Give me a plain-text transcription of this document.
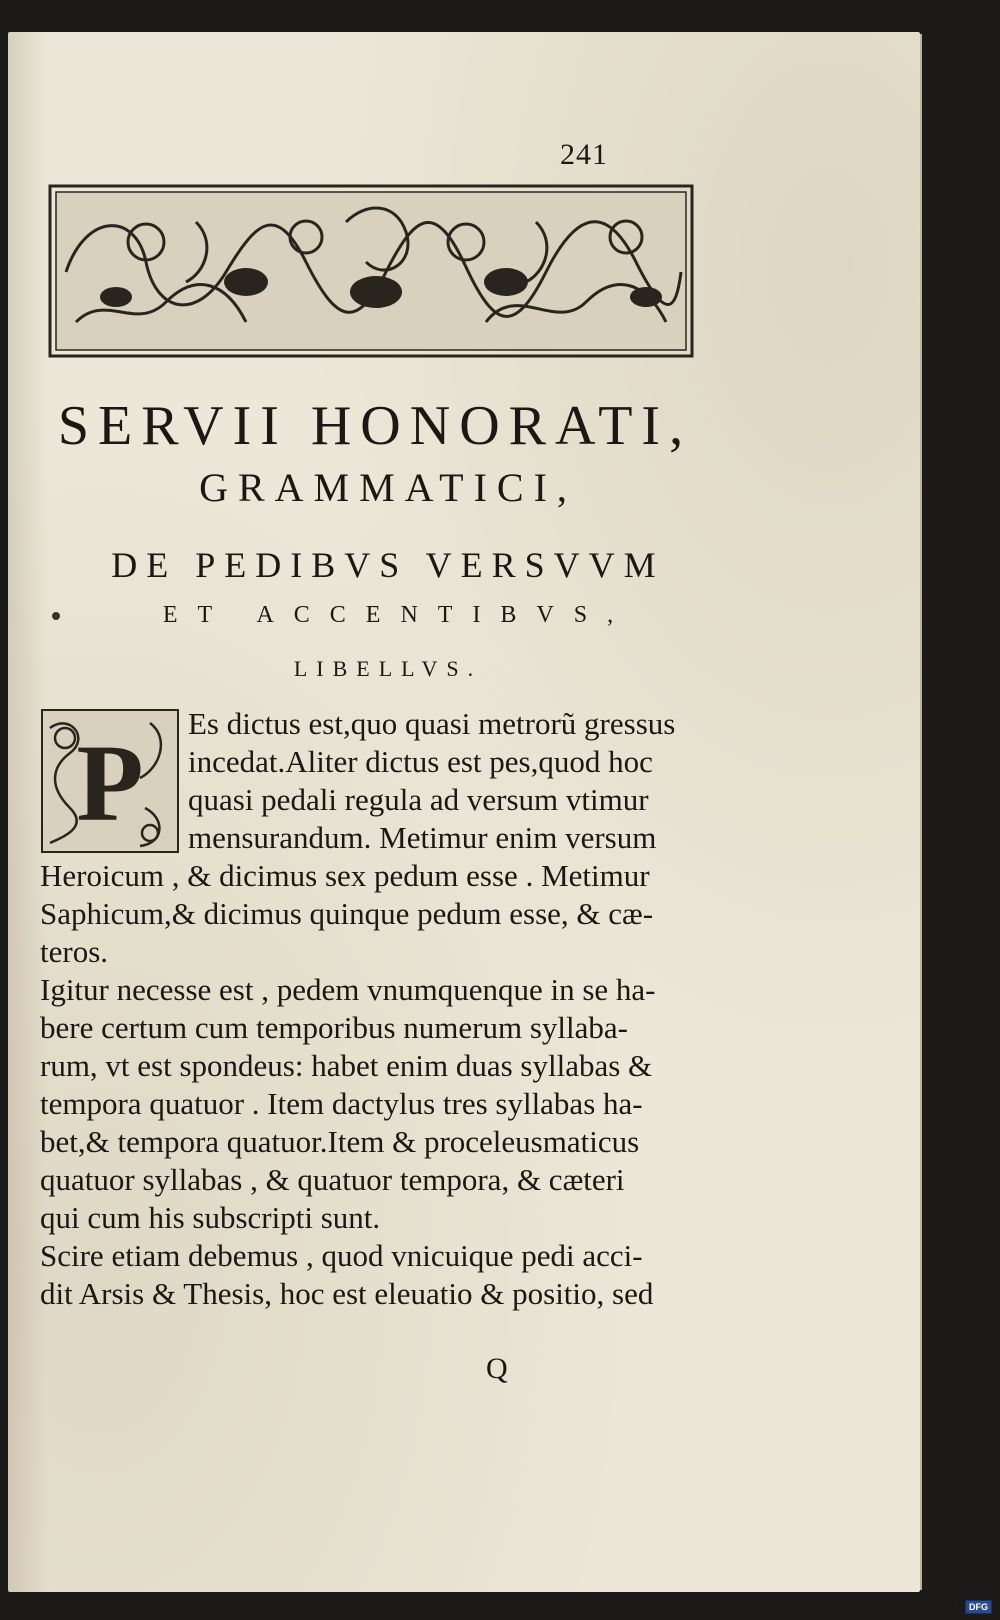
241
SERVII HONORATI,
GRAMMATICI,
DE PEDIBVS VERSVVM
ET ACCENTIBVS,
LIBELLVS.
P Es dictus est,quo quasi metrorũ gressus
incedat.Aliter dictus est pes,quod hoc
quasi pedali regula ad versum vtimur
mensurandum. Metimur enim versum
Heroicum , & dicimus sex pedum esse . Metimur
Saphicum,& dicimus quinque pedum esse, & cæ-
teros.
Igitur necesse est , pedem vnumquenque in se ha-
bere certum cum temporibus numerum syllaba-
rum, vt est spondeus: habet enim duas syllabas &
tempora quatuor . Item dactylus tres syllabas ha-
bet,& tempora quatuor.Item & proceleusmaticus
quatuor syllabas , & quatuor tempora, & cæteri
qui cum his subscripti sunt.
Scire etiam debemus , quod vnicuique pedi acci-
dit Arsis & Thesis, hoc est eleuatio & positio, sed
Q
Digitalisierung gefördert durch die Deutsche Forschungsgemeinschaft - DFG
